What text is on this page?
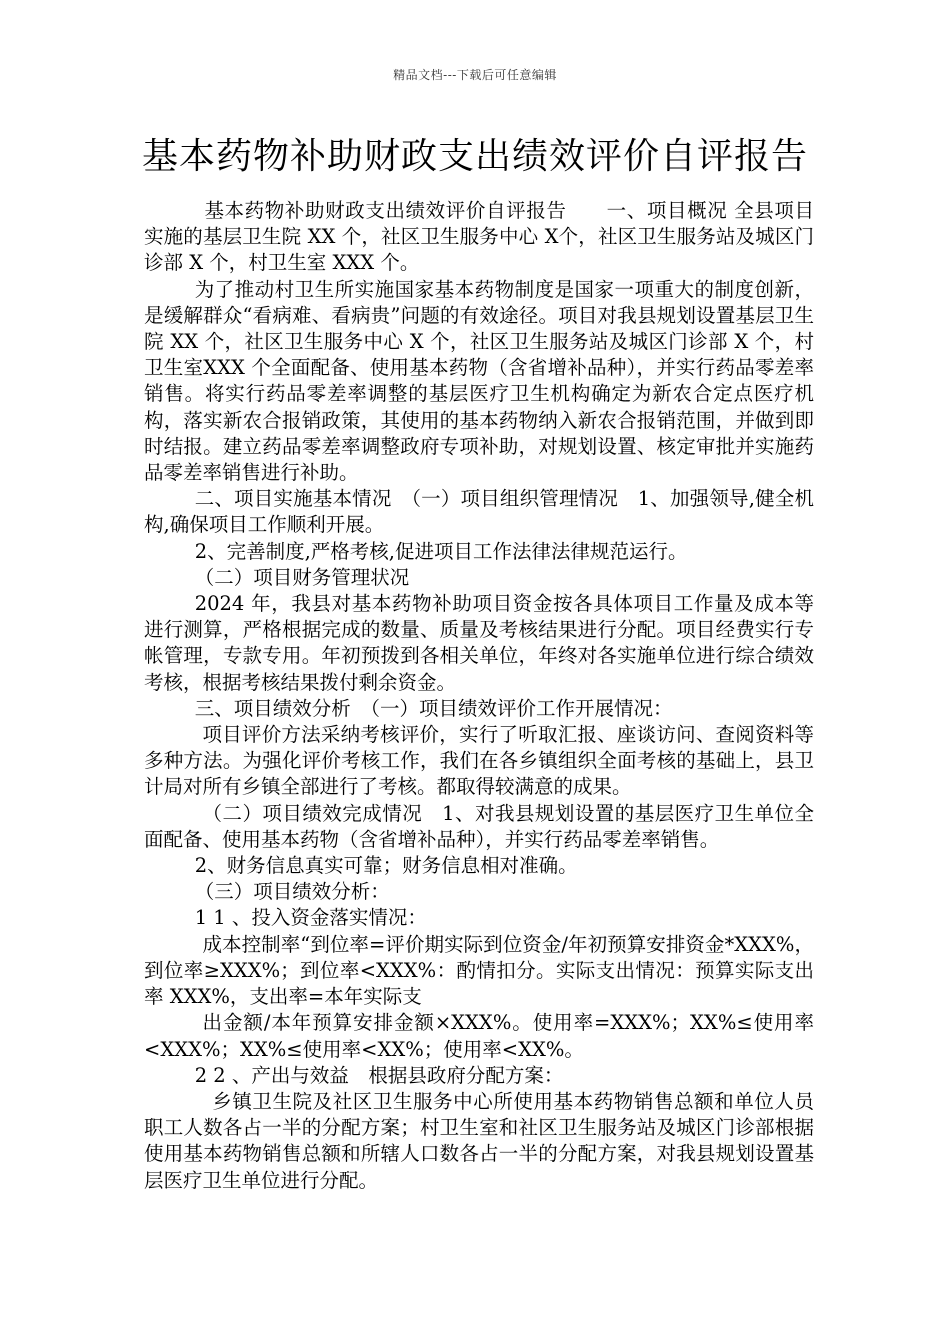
精品文档---下载后可任意编辑
基本药物补助财政支出绩效评价自评报告

基本药物补助财政支出绩效评价自评报告　　一、项目概况 全县项目实施的基层卫生院 XX 个，社区卫生服务中心 X个，社区卫生服务站及城区门诊部 X 个，村卫生室 XXX 个。

为了推动村卫生所实施国家基本药物制度是国家一项重大的制度创新，是缓解群众“看病难、看病贵”问题的有效途径。项目对我县规划设置基层卫生院 XX 个，社区卫生服务中心 X 个，社区卫生服务站及城区门诊部 X 个，村卫生室XXX 个全面配备、使用基本药物（含省增补品种），并实行药品零差率销售。将实行药品零差率调整的基层医疗卫生机构确定为新农合定点医疗机构，落实新农合报销政策，其使用的基本药物纳入新农合报销范围，并做到即时结报。建立药品零差率调整政府专项补助，对规划设置、核定审批并实施药品零差率销售进行补助。

二、项目实施基本情况　（一）项目组织管理情况　1、加强领导,健全机构,确保项目工作顺利开展。

2、完善制度,严格考核,促进项目工作法律法律规范运行。

（二）项目财务管理状况

2024 年，我县对基本药物补助项目资金按各具体项目工作量及成本等进行测算，严格根据完成的数量、质量及考核结果进行分配。项目经费实行专帐管理，专款专用。年初预拨到各相关单位，年终对各实施单位进行综合绩效考核，根据考核结果拨付剩余资金。

三、项目绩效分析　（一）项目绩效评价工作开展情况：

项目评价方法采纳考核评价，实行了听取汇报、座谈访问、查阅资料等多种方法。为强化评价考核工作，我们在各乡镇组织全面考核的基础上，县卫计局对所有乡镇全部进行了考核。都取得较满意的成果。

（二）项目绩效完成情况　1、对我县规划设置的基层医疗卫生单位全面配备、使用基本药物（含省增补品种），并实行药品零差率销售。

2、财务信息真实可靠；财务信息相对准确。

（三）项目绩效分析：

1 1 、投入资金落实情况：

成本控制率“到位率=评价期实际到位资金/年初预算安排资金*XXX%，到位率≥XXX%；到位率<XXX%：酌情扣分。实际支出情况：预算实际支出率 XXX%，支出率=本年实际支

出金额/本年预算安排金额×XXX%。使用率=XXX%；XX%≤使用率<XXX%；XX%≤使用率<XX%；使用率<XX%。

2 2 、产出与效益　根据县政府分配方案：

乡镇卫生院及社区卫生服务中心所使用基本药物销售总额和单位人员职工人数各占一半的分配方案；村卫生室和社区卫生服务站及城区门诊部根据使用基本药物销售总额和所辖人口数各占一半的分配方案，对我县规划设置基层医疗卫生单位进行分配。
